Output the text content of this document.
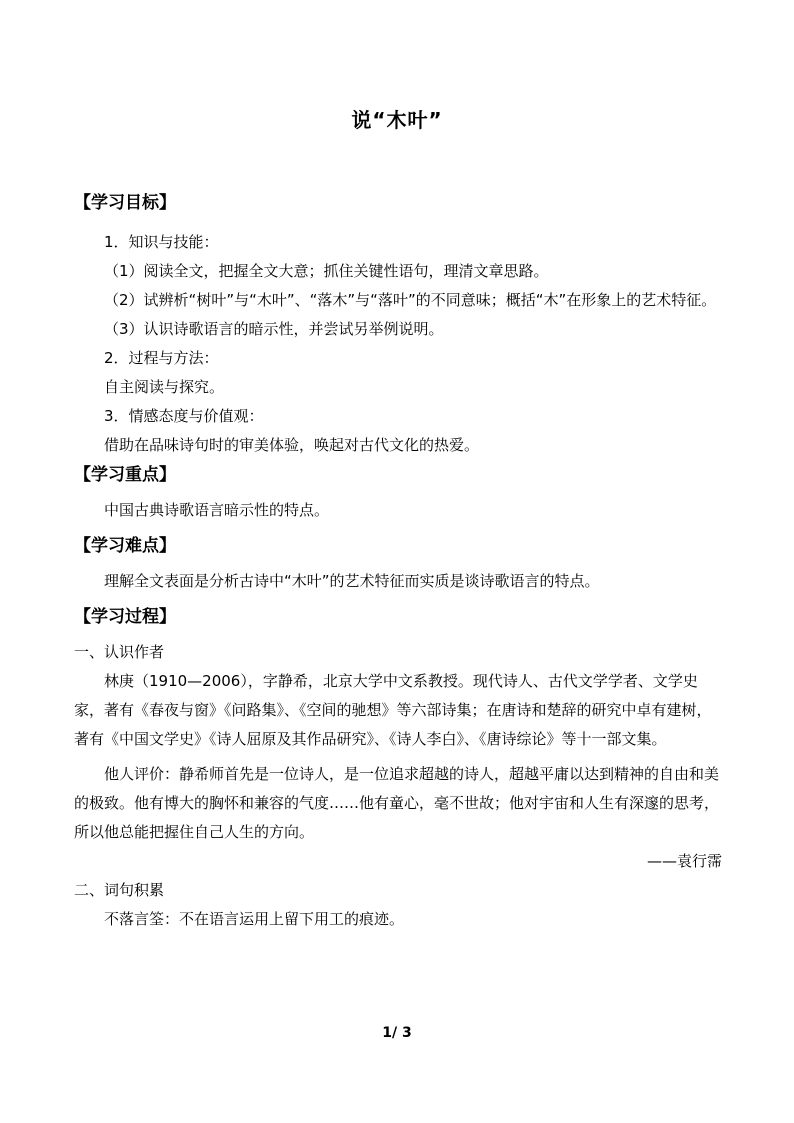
说“木叶”
【学习目标】
1．知识与技能：
（1）阅读全文，把握全文大意；抓住关键性语句，理清文章思路。
（2）试辨析“树叶”与“木叶”、“落木”与“落叶”的不同意味；概括“木”在形象上的艺术特征。
（3）认识诗歌语言的暗示性，并尝试另举例说明。
2．过程与方法：
自主阅读与探究。
3．情感态度与价值观：
借助在品味诗句时的审美体验，唤起对古代文化的热爱。
【学习重点】
中国古典诗歌语言暗示性的特点。
【学习难点】
理解全文表面是分析古诗中“木叶”的艺术特征而实质是谈诗歌语言的特点。
【学习过程】
一、认识作者
林庚（1910—2006），字静希，北京大学中文系教授。现代诗人、古代文学学者、文学史家，著有《春夜与窗》《问路集》、《空间的驰想》等六部诗集；在唐诗和楚辞的研究中卓有建树，著有《中国文学史》《诗人屈原及其作品研究》、《诗人李白》、《唐诗综论》等十一部文集。
他人评价：静希师首先是一位诗人，是一位追求超越的诗人，超越平庸以达到精神的自由和美的极致。他有博大的胸怀和兼容的气度……他有童心，毫不世故；他对宇宙和人生有深邃的思考，所以他总能把握住自己人生的方向。
——袁行霈
二、词句积累
不落言筌：不在语言运用上留下用工的痕迹。
1/ 3
